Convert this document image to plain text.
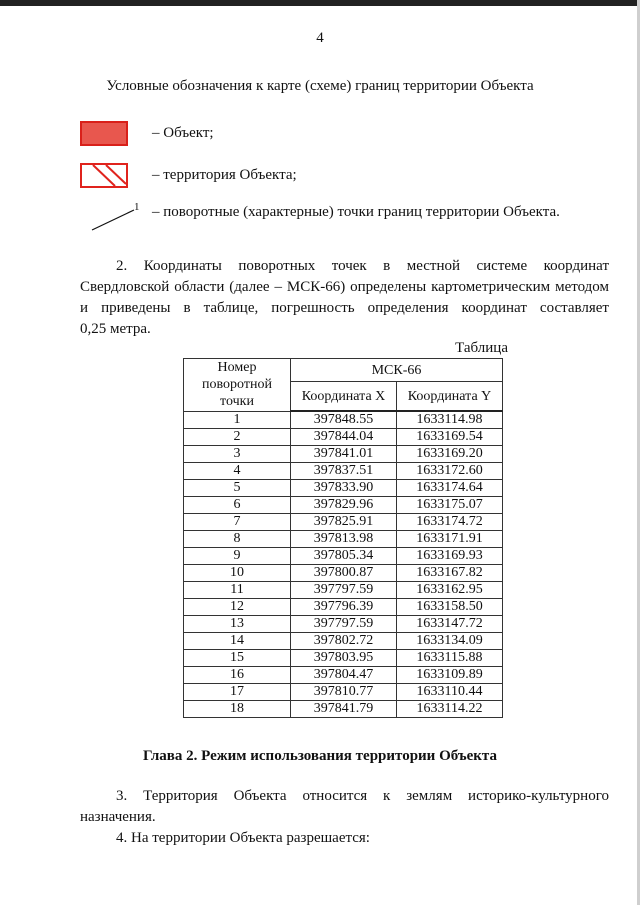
4
Условные обозначения к карте (схеме) границ территории Объекта
– Объект;
– территория Объекта;
1 – поворотные (характерные) точки границ территории Объекта.
2. Координаты поворотных точек в местной системе координат
Свердловской области (далее – МСК-66) определены картометрическим методом
и приведены в таблице, погрешность определения координат составляет
0,25 метра.
Таблица
Номер поворотной точки	МСК-66	
	Координата X	Координата Y
1	397848.55	1633114.98
2	397844.04	1633169.54
3	397841.01	1633169.20
4	397837.51	1633172.60
5	397833.90	1633174.64
6	397829.96	1633175.07
7	397825.91	1633174.72
8	397813.98	1633171.91
9	397805.34	1633169.93
10	397800.87	1633167.82
11	397797.59	1633162.95
12	397796.39	1633158.50
13	397797.59	1633147.72
14	397802.72	1633134.09
15	397803.95	1633115.88
16	397804.47	1633109.89
17	397810.77	1633110.44
18	397841.79	1633114.22
Глава 2. Режим использования территории Объекта
3. Территория Объекта относится к землям историко-культурного
назначения.
4. На территории Объекта разрешается:
